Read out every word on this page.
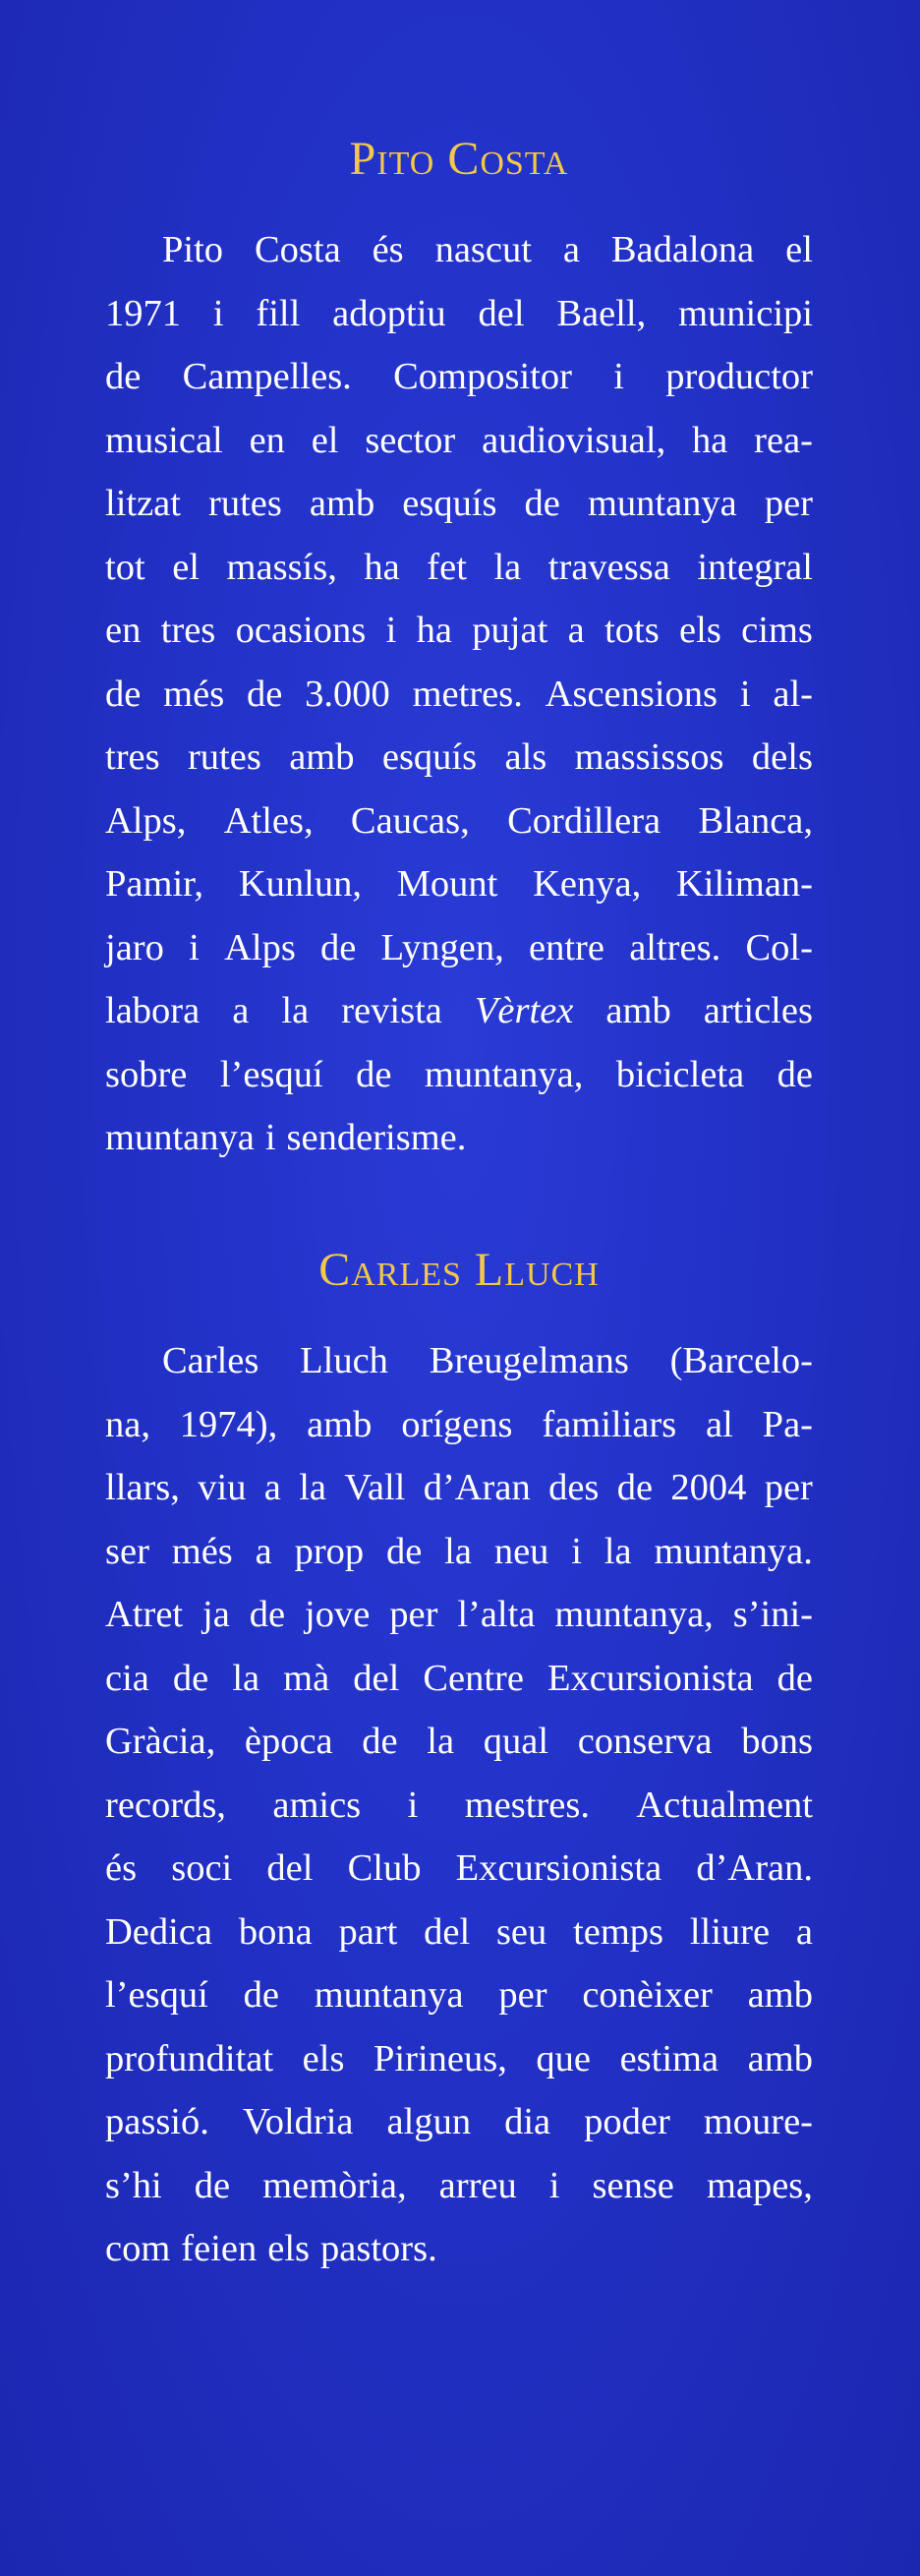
Pito Costa
Pito Costa és nascut a Badalona el
1971 i fill adoptiu del Baell, municipi
de Campelles. Compositor i productor
musical en el sector audiovisual, ha rea-
litzat rutes amb esquís de muntanya per
tot el massís, ha fet la travessa integral
en tres ocasions i ha pujat a tots els cims
de més de 3.000 metres. Ascensions i al-
tres rutes amb esquís als massissos dels
Alps, Atles, Caucas, Cordillera Blanca,
Pamir, Kunlun, Mount Kenya, Kiliman-
jaro i Alps de Lyngen, entre altres. Col-
labora a la revista Vèrtex amb articles
sobre l’esquí de muntanya, bicicleta de
muntanya i senderisme.
Carles Lluch
Carles Lluch Breugelmans (Barcelo-
na, 1974), amb orígens familiars al Pa-
llars, viu a la Vall d’Aran des de 2004 per
ser més a prop de la neu i la muntanya.
Atret ja de jove per l’alta muntanya, s’ini-
cia de la mà del Centre Excursionista de
Gràcia, època de la qual conserva bons
records, amics i mestres. Actualment
és soci del Club Excursionista d’Aran.
Dedica bona part del seu temps lliure a
l’esquí de muntanya per conèixer amb
profunditat els Pirineus, que estima amb
passió. Voldria algun dia poder moure-
s’hi de memòria, arreu i sense mapes,
com feien els pastors.
